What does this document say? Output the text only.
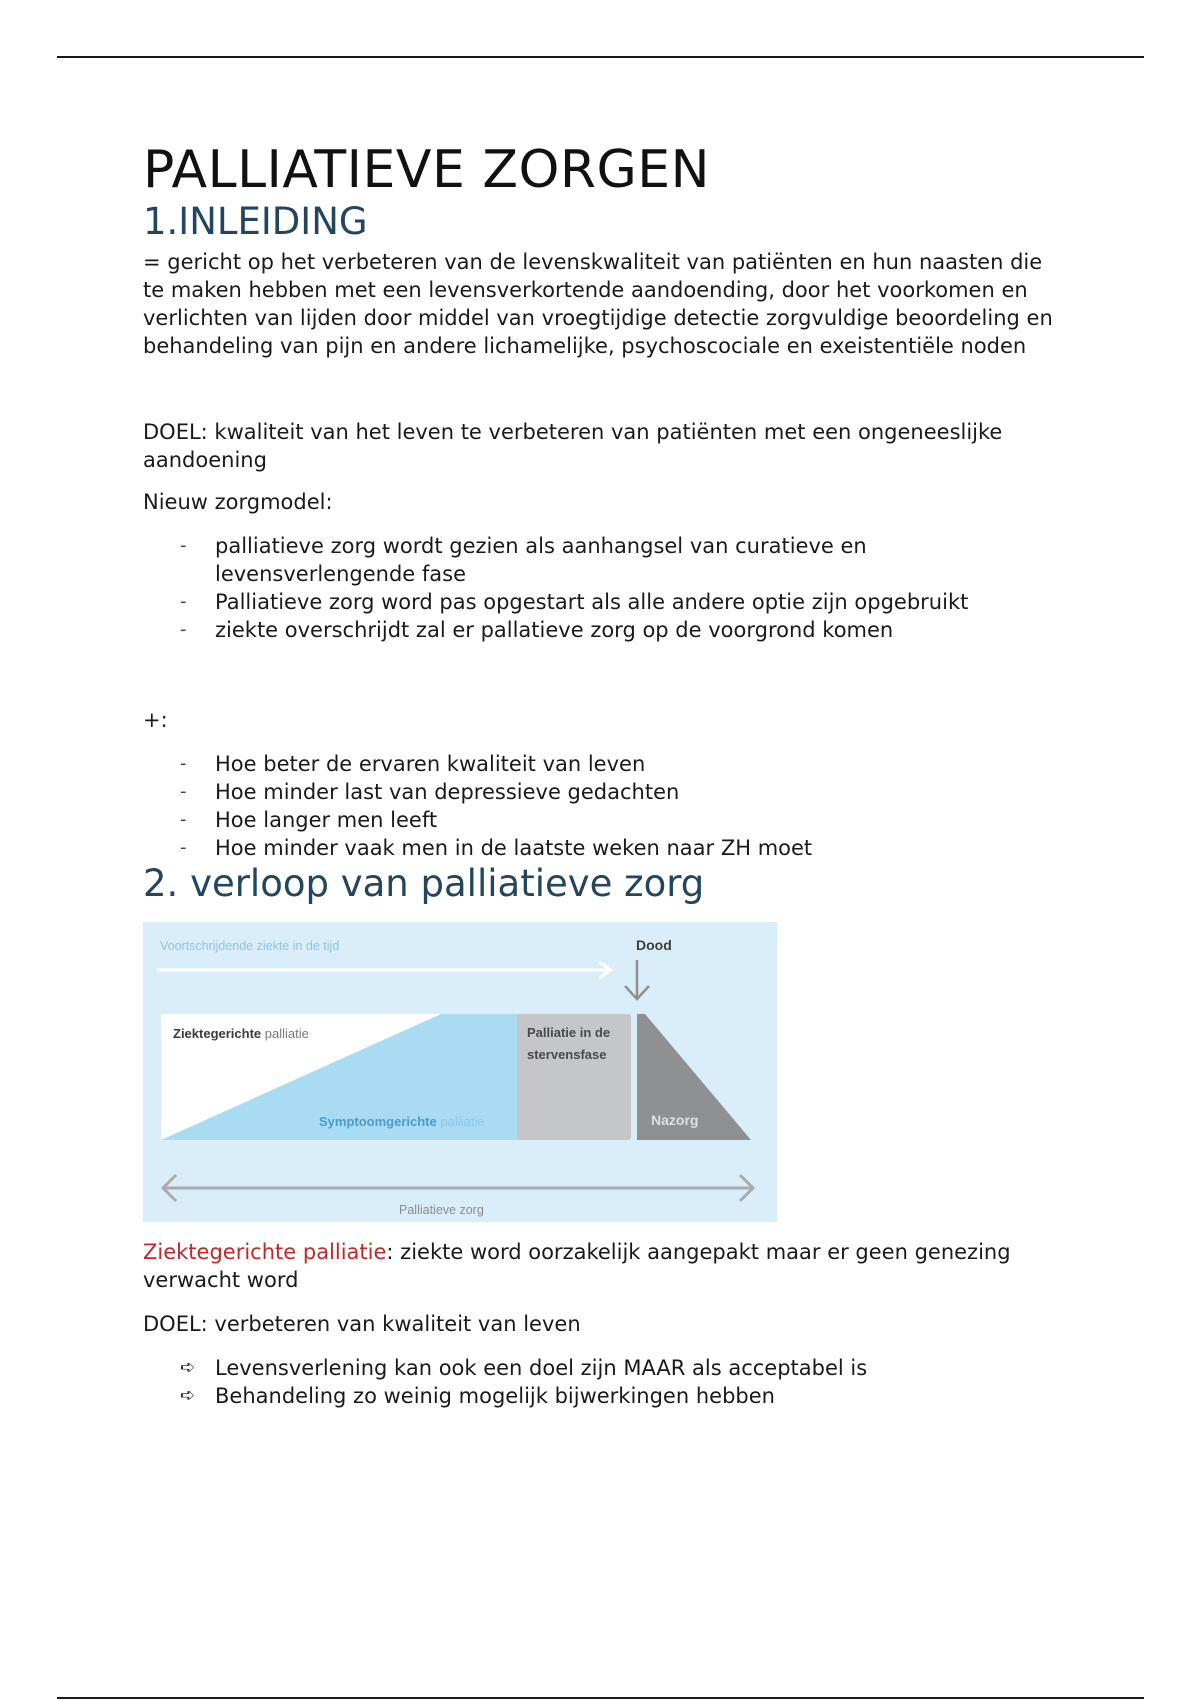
PALLIATIEVE ZORGEN
1.INLEIDING

= gericht op het verbeteren van de levenskwaliteit van patiënten en hun naasten die te maken hebben met een levensverkortende aandoending, door het voorkomen en verlichten van lijden door middel van vroegtijdige detectie zorgvuldige beoordeling en behandeling van pijn en andere lichamelijke, psychoscociale en exeistentiële noden

DOEL: kwaliteit van het leven te verbeteren van patiënten met een ongeneeslijke aandoening

Nieuw zorgmodel:

- palliatieve zorg wordt gezien als aanhangsel van curatieve en levensverlengende fase
- Palliatieve zorg word pas opgestart als alle andere optie zijn opgebruikt
- ziekte overschrijdt zal er pallatieve zorg op de voorgrond komen

+:

- Hoe beter de ervaren kwaliteit van leven
- Hoe minder last van depressieve gedachten
- Hoe langer men leeft
- Hoe minder vaak men in de laatste weken naar ZH moet
2. verloop van palliatieve zorg
Voortschrijdende ziekte in de tijd	Dood
Ziektegerichte palliatie
Symptoomgerichte palliatie
Palliatie in de
stervensfase
Nazorg
Palliatieve zorg

Ziektegerichte palliatie: ziekte word oorzakelijk aangepakt maar er geen genezing verwacht word

DOEL: verbeteren van kwaliteit van leven

➪ Levensverlening kan ook een doel zijn MAAR als acceptabel is
➪ Behandeling zo weinig mogelijk bijwerkingen hebben
